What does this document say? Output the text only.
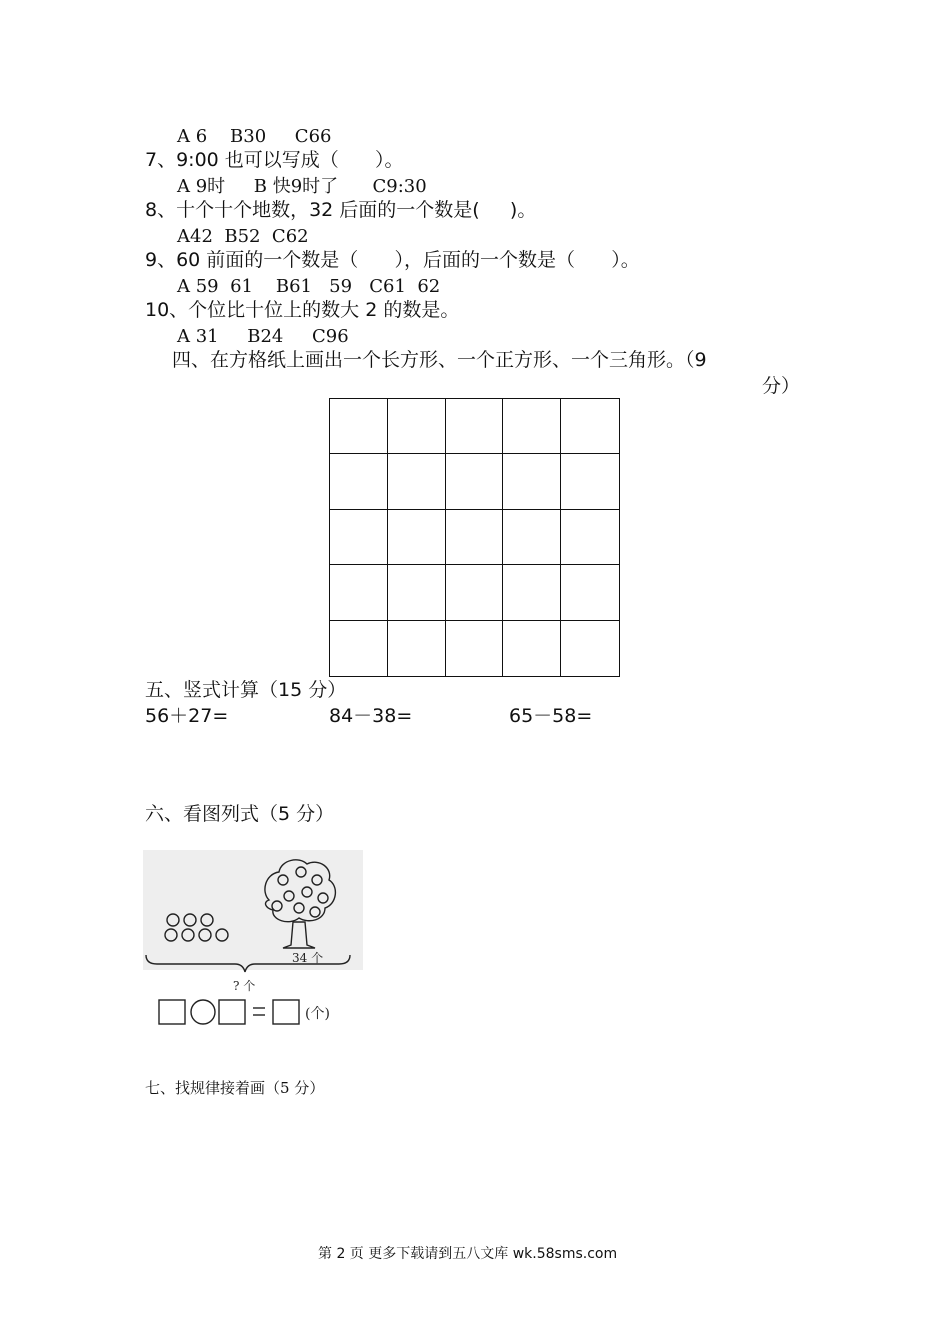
A 6    B30     C66
7、9:00 也可以写成（      ）。
A 9时     B 快9时了      C9:30
8、十个十个地数，32 后面的一个数是(     )。
A42  B52  C62
9、60 前面的一个数是（      ），后面的一个数是（      ）。
A 59  61    B61   59   C61  62
10、个位比十位上的数大 2 的数是。
A 31     B24     C96
四、在方格纸上画出一个长方形、一个正方形、一个三角形。（9
分）
五、竖式计算（15 分）
56＋27=	84－38=	65－58=
六、看图列式（5 分）
34 个
? 个
(个)
七、找规律接着画（5 分）
第 2 页 更多下载请到五八文库 wk.58sms.com
